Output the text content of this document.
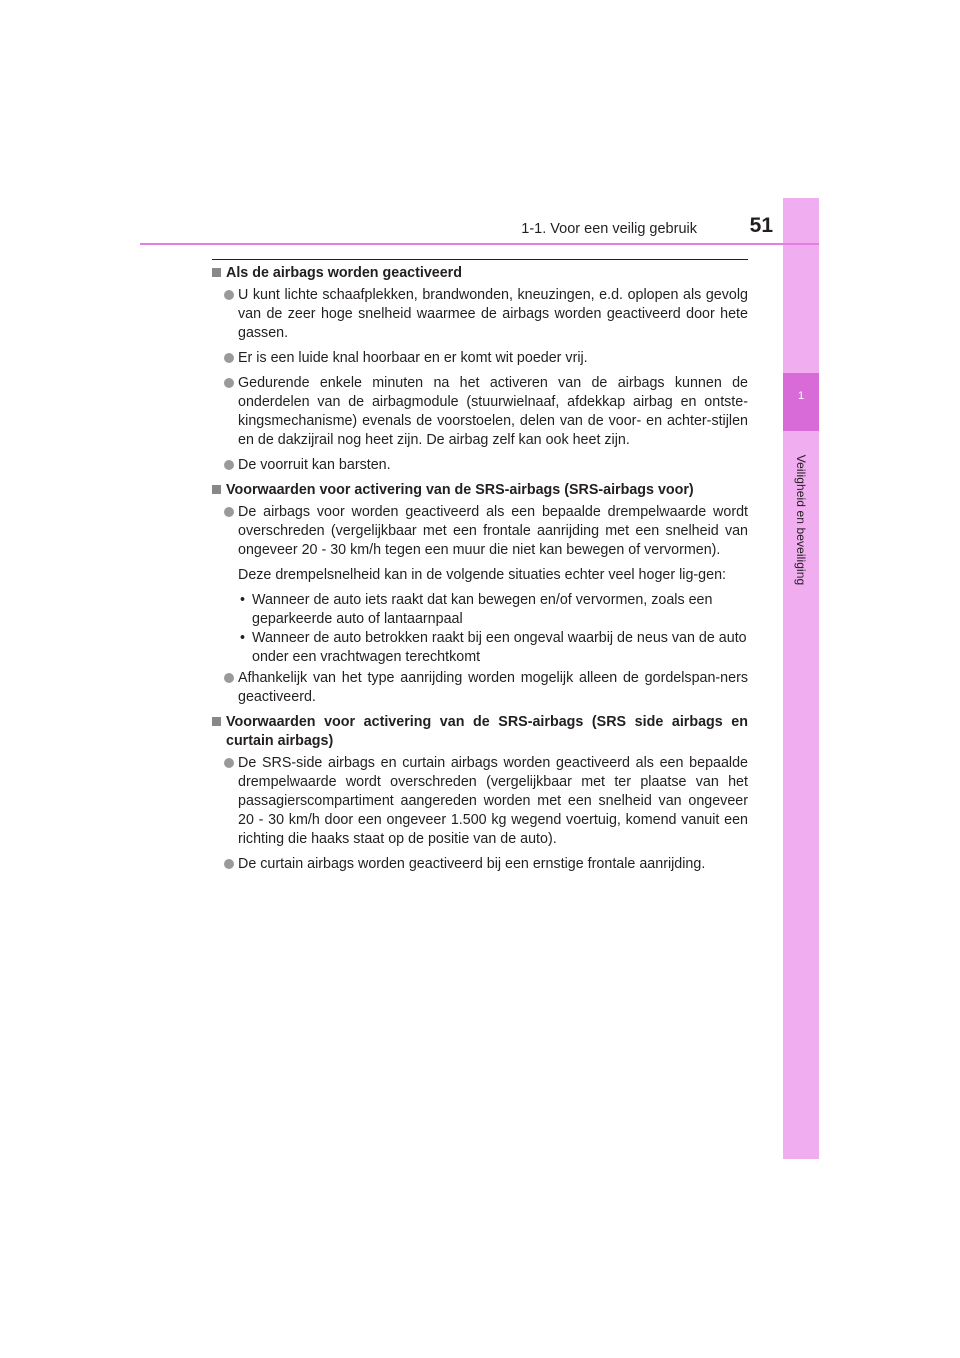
1
Veiligheid en beveiliging
1-1. Voor een veilig gebruik	51
Als de airbags worden geactiveerd
U kunt lichte schaafplekken, brandwonden, kneuzingen, e.d. oplopen als gevolg van de zeer hoge snelheid waarmee de airbags worden geactiveerd door hete gassen.
Er is een luide knal hoorbaar en er komt wit poeder vrij.
Gedurende enkele minuten na het activeren van de airbags kunnen de onderdelen van de airbagmodule (stuurwielnaaf, afdekkap airbag en ontste-kingsmechanisme) evenals de voorstoelen, delen van de voor- en achter-stijlen en de dakzijrail nog heet zijn. De airbag zelf kan ook heet zijn.
De voorruit kan barsten.
Voorwaarden voor activering van de SRS-airbags (SRS-airbags voor)
De airbags voor worden geactiveerd als een bepaalde drempelwaarde wordt overschreden (vergelijkbaar met een frontale aanrijding met een snelheid van ongeveer 20 - 30 km/h tegen een muur die niet kan bewegen of vervormen).
Deze drempelsnelheid kan in de volgende situaties echter veel hoger lig-gen:
• Wanneer de auto iets raakt dat kan bewegen en/of vervormen, zoals een geparkeerde auto of lantaarnpaal
• Wanneer de auto betrokken raakt bij een ongeval waarbij de neus van de auto onder een vrachtwagen terechtkomt
Afhankelijk van het type aanrijding worden mogelijk alleen de gordelspan-ners geactiveerd.
Voorwaarden voor activering van de SRS-airbags (SRS side airbags en curtain airbags)
De SRS-side airbags en curtain airbags worden geactiveerd als een bepaalde drempelwaarde wordt overschreden (vergelijkbaar met ter plaatse van het passagierscompartiment aangereden worden met een snelheid van ongeveer 20 - 30 km/h door een ongeveer 1.500 kg wegend voertuig, komend vanuit een richting die haaks staat op de positie van de auto).
De curtain airbags worden geactiveerd bij een ernstige frontale aanrijding.
